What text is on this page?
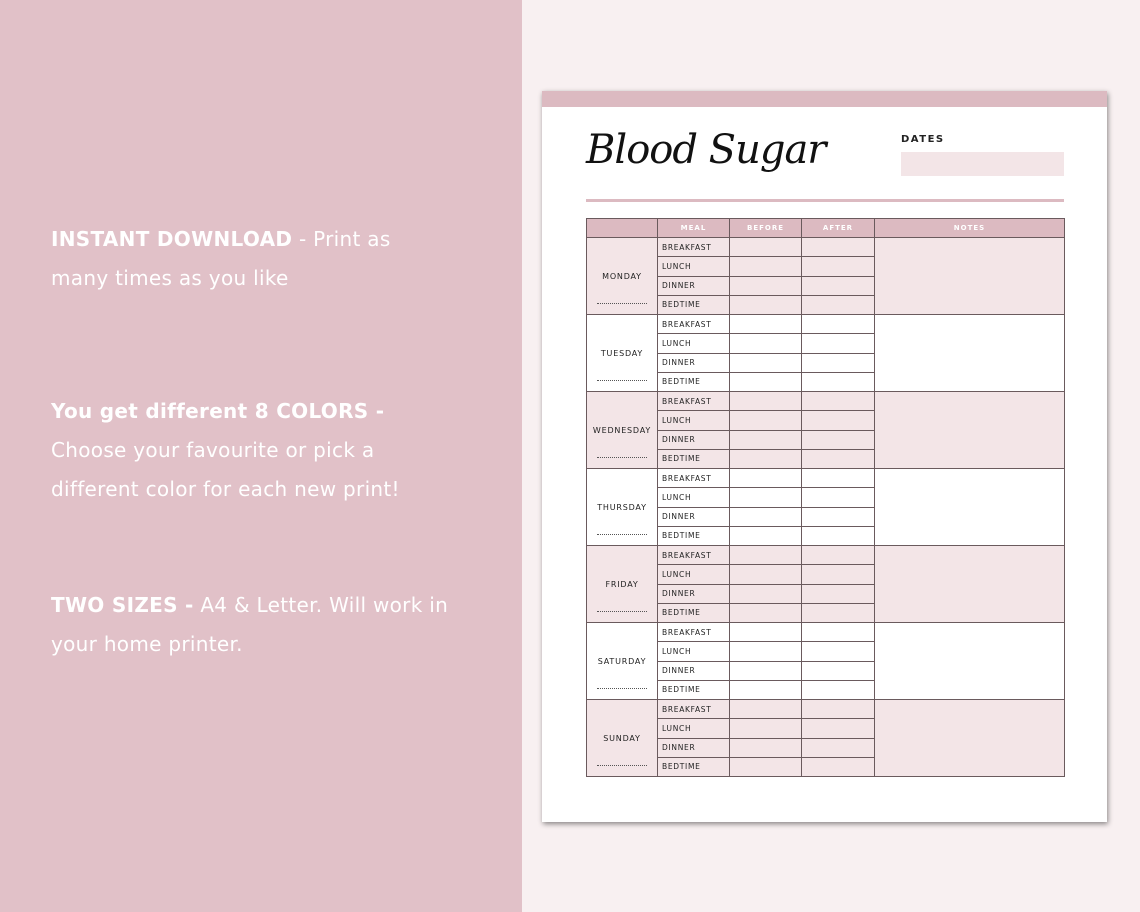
INSTANT DOWNLOAD - Print as many times as you like

You get different 8 COLORS - Choose your favourite or pick a different color for each new print!

TWO SIZES - A4 & Letter. Will work in your home printer.

Blood Sugar	DATES
	MEAL	BEFORE	AFTER	NOTES

MONDAY	BREAKFAST			
	LUNCH			
	DINNER			
	BEDTIME			

TUESDAY	BREAKFAST			
	LUNCH			
	DINNER			
	BEDTIME			

WEDNESDAY	BREAKFAST			
	LUNCH			
	DINNER			
	BEDTIME			

THURSDAY	BREAKFAST			
	LUNCH			
	DINNER			
	BEDTIME			

FRIDAY	BREAKFAST			
	LUNCH			
	DINNER			
	BEDTIME			

SATURDAY	BREAKFAST			
	LUNCH			
	DINNER			
	BEDTIME			

SUNDAY	BREAKFAST			
	LUNCH			
	DINNER			
	BEDTIME			
